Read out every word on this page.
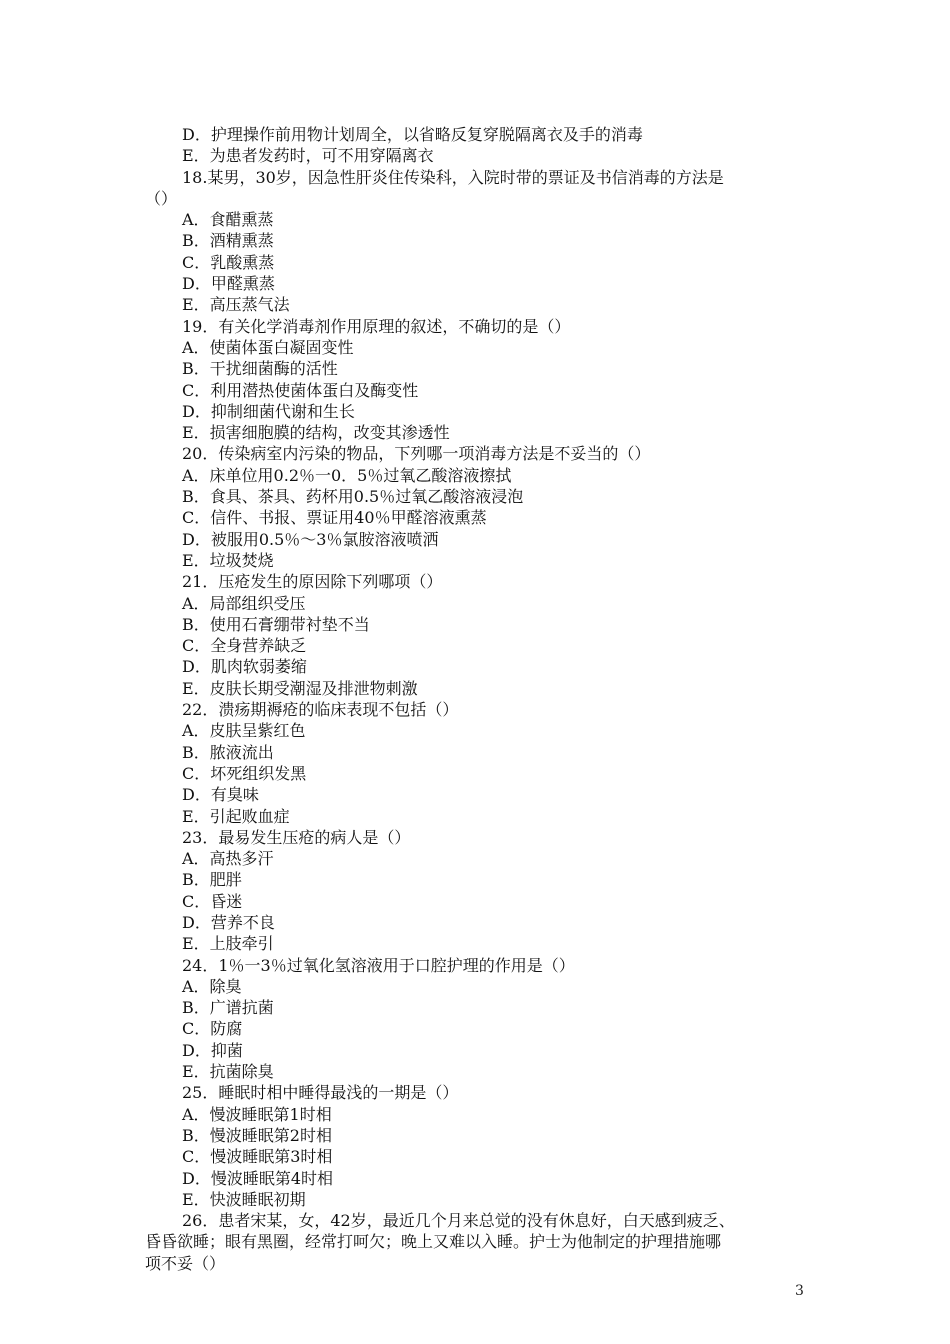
D．护理操作前用物计划周全，以省略反复穿脱隔离衣及手的消毒
E．为患者发药时，可不用穿隔离衣
18.某男，30岁，因急性肝炎住传染科，入院时带的票证及书信消毒的方法是
（）
A．食醋熏蒸
B．酒精熏蒸
C．乳酸熏蒸
D．甲醛熏蒸
E．高压蒸气法
19．有关化学消毒剂作用原理的叙述，不确切的是（）
A．使菌体蛋白凝固变性
B．干扰细菌酶的活性
C．利用潜热使菌体蛋白及酶变性
D．抑制细菌代谢和生长
E．损害细胞膜的结构，改变其渗透性
20．传染病室内污染的物品，下列哪一项消毒方法是不妥当的（）
A．床单位用0.2％一0．5％过氧乙酸溶液擦拭
B．食具、茶具、药杯用0.5％过氧乙酸溶液浸泡
C．信件、书报、票证用40％甲醛溶液熏蒸
D．被服用0.5％～3％氯胺溶液喷洒
E．垃圾焚烧
21．压疮发生的原因除下列哪项（）
A．局部组织受压
B．使用石膏绷带衬垫不当
C．全身营养缺乏
D．肌肉软弱萎缩
E．皮肤长期受潮湿及排泄物刺激
22．溃疡期褥疮的临床表现不包括（）
A．皮肤呈紫红色
B．脓液流出
C．坏死组织发黑
D．有臭味
E．引起败血症
23．最易发生压疮的病人是（）
A．高热多汗
B．肥胖
C．昏迷
D．营养不良
E．上肢牵引
24．1％一3％过氧化氢溶液用于口腔护理的作用是（）
A．除臭
B．广谱抗菌
C．防腐
D．抑菌
E．抗菌除臭
25．睡眠时相中睡得最浅的一期是（）
A．慢波睡眠第1时相
B．慢波睡眠第2时相
C．慢波睡眠第3时相
D．慢波睡眠第4时相
E．快波睡眠初期
26．患者宋某，女，42岁，最近几个月来总觉的没有休息好，白天感到疲乏、
昏昏欲睡；眼有黑圈，经常打呵欠；晚上又难以入睡。护士为他制定的护理措施哪
项不妥（）
3
